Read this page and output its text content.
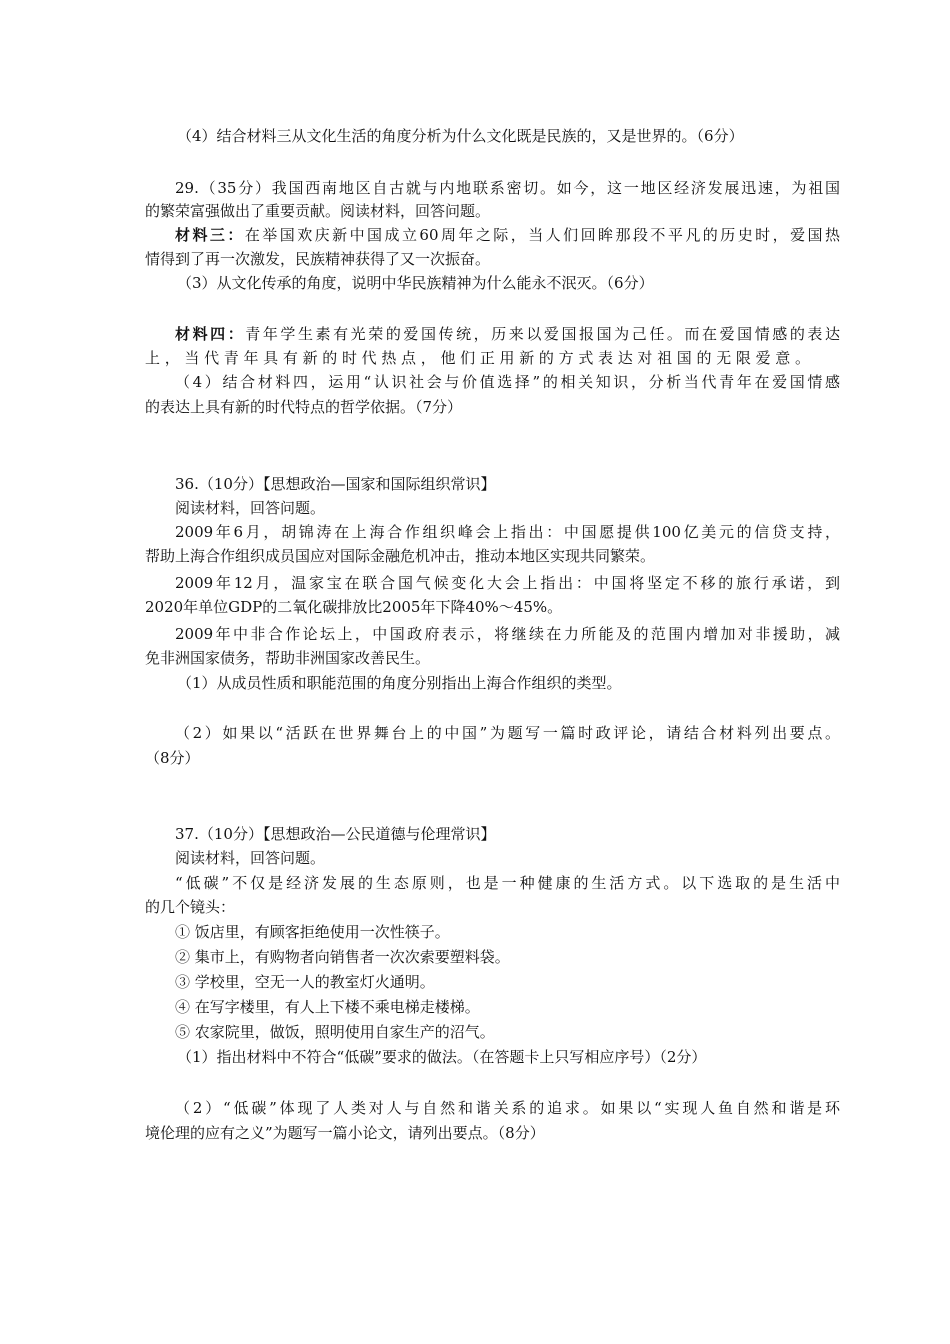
（4）结合材料三从文化生活的角度分析为什么文化既是民族的，又是世界的。（6分）
29.（35分）我国西南地区自古就与内地联系密切。如今，这一地区经济发展迅速，为祖国
的繁荣富强做出了重要贡献。阅读材料，回答问题。
材料三：在举国欢庆新中国成立60周年之际，当人们回眸那段不平凡的历史时，爱国热
情得到了再一次激发，民族精神获得了又一次振奋。
（3）从文化传承的角度，说明中华民族精神为什么能永不泯灭。（6分）
材料四：青年学生素有光荣的爱国传统，历来以爱国报国为己任。而在爱国情感的表达
上，当代青年具有新的时代热点，他们正用新的方式表达对祖国的无限爱意。
（4）结合材料四，运用“认识社会与价值选择”的相关知识，分析当代青年在爱国情感
的表达上具有新的时代特点的哲学依据。（7分）
36.（10分）【思想政治—国家和国际组织常识】
阅读材料，回答问题。
2009年6月，胡锦涛在上海合作组织峰会上指出：中国愿提供100亿美元的信贷支持，
帮助上海合作组织成员国应对国际金融危机冲击，推动本地区实现共同繁荣。
2009年12月，温家宝在联合国气候变化大会上指出：中国将坚定不移的旅行承诺，到
2020年单位GDP的二氧化碳排放比2005年下降40%～45%。
2009年中非合作论坛上，中国政府表示，将继续在力所能及的范围内增加对非援助，减
免非洲国家债务，帮助非洲国家改善民生。
（1）从成员性质和职能范围的角度分别指出上海合作组织的类型。
（2）如果以“活跃在世界舞台上的中国”为题写一篇时政评论，请结合材料列出要点。
（8分）
37.（10分）【思想政治—公民道德与伦理常识】
阅读材料，回答问题。
“低碳”不仅是经济发展的生态原则，也是一种健康的生活方式。以下选取的是生活中
的几个镜头：
① 饭店里，有顾客拒绝使用一次性筷子。
② 集市上，有购物者向销售者一次次索要塑料袋。
③ 学校里，空无一人的教室灯火通明。
④ 在写字楼里，有人上下楼不乘电梯走楼梯。
⑤ 农家院里，做饭，照明使用自家生产的沼气。
（1）指出材料中不符合“低碳”要求的做法。（在答题卡上只写相应序号）（2分）
（2）“低碳”体现了人类对人与自然和谐关系的追求。如果以“实现人鱼自然和谐是环
境伦理的应有之义”为题写一篇小论文，请列出要点。（8分）
